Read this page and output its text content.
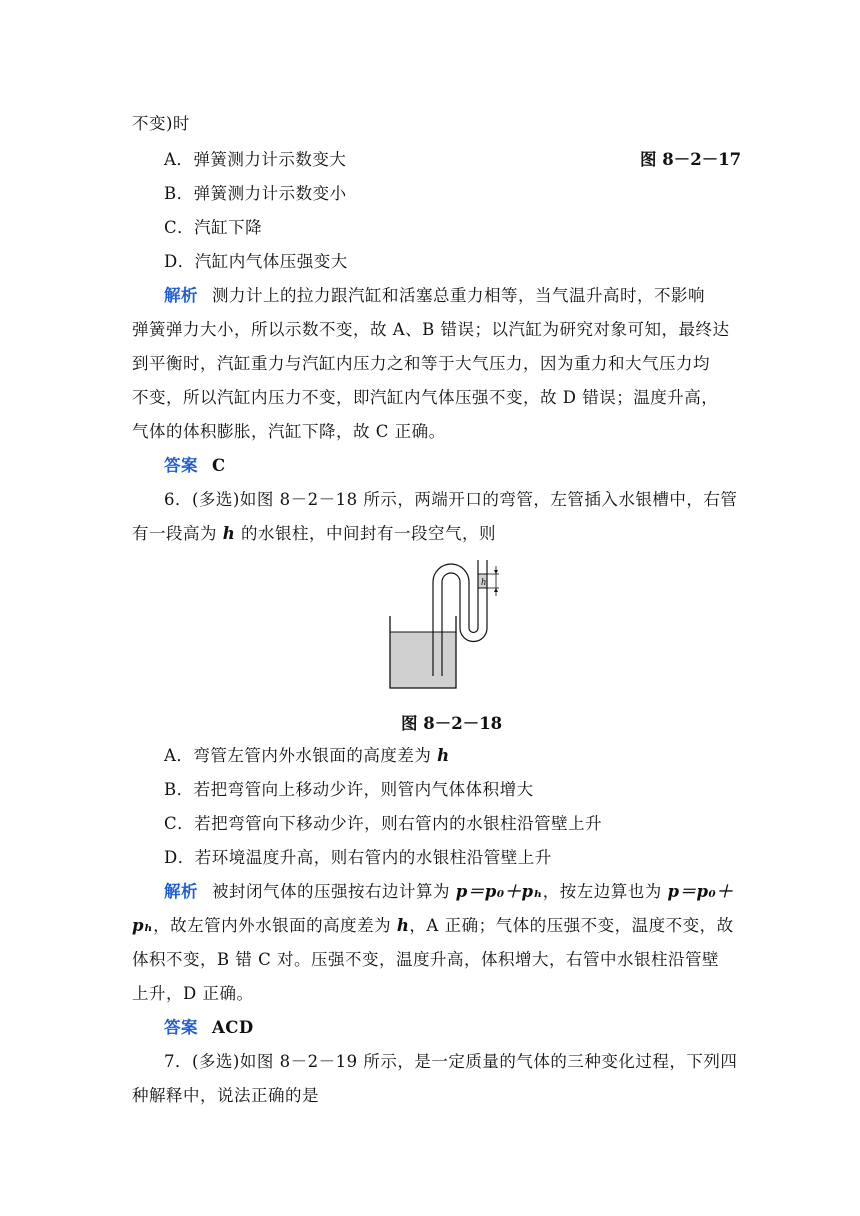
不变)时
A．弹簧测力计示数变大	图 8－2－17
B．弹簧测力计示数变小
C．汽缸下降
D．汽缸内气体压强变大
解析 测力计上的拉力跟汽缸和活塞总重力相等，当气温升高时，不影响
弹簧弹力大小，所以示数不变，故 A、B 错误；以汽缸为研究对象可知，最终达
到平衡时，汽缸重力与汽缸内压力之和等于大气压力，因为重力和大气压力均
不变，所以汽缸内压力不变，即汽缸内气体压强不变，故 D 错误；温度升高，
气体的体积膨胀，汽缸下降，故 C 正确。
答案 C
6．(多选)如图 8－2－18 所示，两端开口的弯管，左管插入水银槽中，右管
有一段高为 h 的水银柱，中间封有一段空气，则
h
图 8－2－18
A．弯管左管内外水银面的高度差为 h
B．若把弯管向上移动少许，则管内气体体积增大
C．若把弯管向下移动少许，则右管内的水银柱沿管壁上升
D．若环境温度升高，则右管内的水银柱沿管壁上升
解析 被封闭气体的压强按右边计算为 p＝p₀＋pₕ，按左边算也为 p＝p₀＋
pₕ，故左管内外水银面的高度差为 h，A 正确；气体的压强不变，温度不变，故
体积不变，B 错 C 对。压强不变，温度升高，体积增大，右管中水银柱沿管壁
上升，D 正确。
答案 ACD
7．(多选)如图 8－2－19 所示，是一定质量的气体的三种变化过程，下列四
种解释中，说法正确的是
